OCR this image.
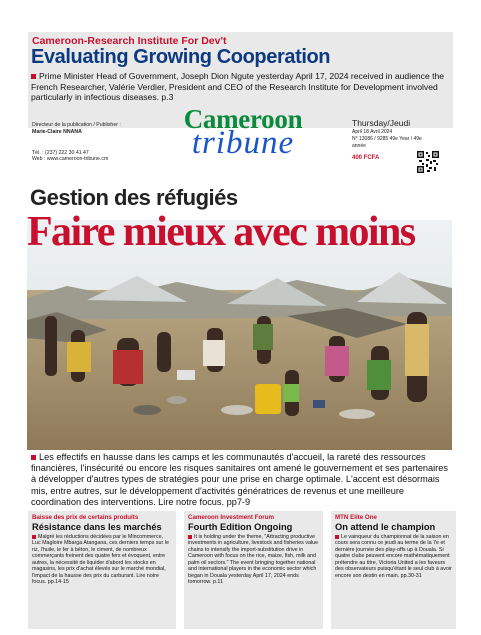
Cameroon-Research Institute For Dev't
Evaluating Growing Cooperation
Prime Minister Head of Government, Joseph Dion Ngute yesterday April 17, 2024 received in audience the French Researcher, Valérie Verdier, President and CEO of the Research Institute for Development involved particularly in infectious diseases. p.3
Directeur de la publication / Publisher :
Marie-Claire NNANA
Tél. : (237) 222 30 41 47
Web : www.cameroon-tribune.cm
Cameroon
tribune
Thursday/Jeudi
April 18 Avril 2024
N° 13086 / 9285 49e Year / 49e année
400 FCFA
Gestion des réfugiés
Faire mieux avec moins
Les effectifs en hausse dans les camps et les communautés d'accueil, la rareté des ressources financières, l'insécurité ou encore les risques sanitaires ont amené le gouvernement et ses partenaires à développer d'autres types de stratégies pour une prise en charge optimale. L'accent est désormais mis, entre autres, sur le développement d'activités génératrices de revenus et une meilleure coordination des interventions. Lire notre focus. pp7-9
Baisse des prix de certains produits
Résistance dans les marchés
Malgré les réductions décidées par le Mincommerce, Luc Magloire Mbarga Atangana, ces derniers temps sur le riz, l'huile, le fer à béton, le ciment, de nombreux commerçants freinent des quatre fers et évoquent, entre autres, la nécessité de liquider d'abord les stocks en magasins, les prix d'achat élevés sur le marché mondial, l'impact de la hausse des prix du carburant. Lire notre focus. pp.14-15
Cameroon Investment Forum
Fourth Edition Ongoing
It is holding under the theme, "Attracting productive investments in agriculture, livestock and fisheries value chains to intensify the import-substitution drive in Cameroon with focus on the rice, maize, fish, milk and palm oil sectors." The event bringing together national and international players in the economic sector which began in Douala yesterday April 17, 2024 ends tomorrow. p.11
MTN Elite One
On attend le champion
Le vainqueur du championnat de la saison en cours sera connu ce jeudi au terme de la 7e et dernière journée des play-offs up à Douala. Si quatre clubs peuvent encore mathématiquement prétendre au titre, Victoria United a les faveurs des observateurs puisqu'étant le seul club à avoir encore son destin en main. pp.30-31
